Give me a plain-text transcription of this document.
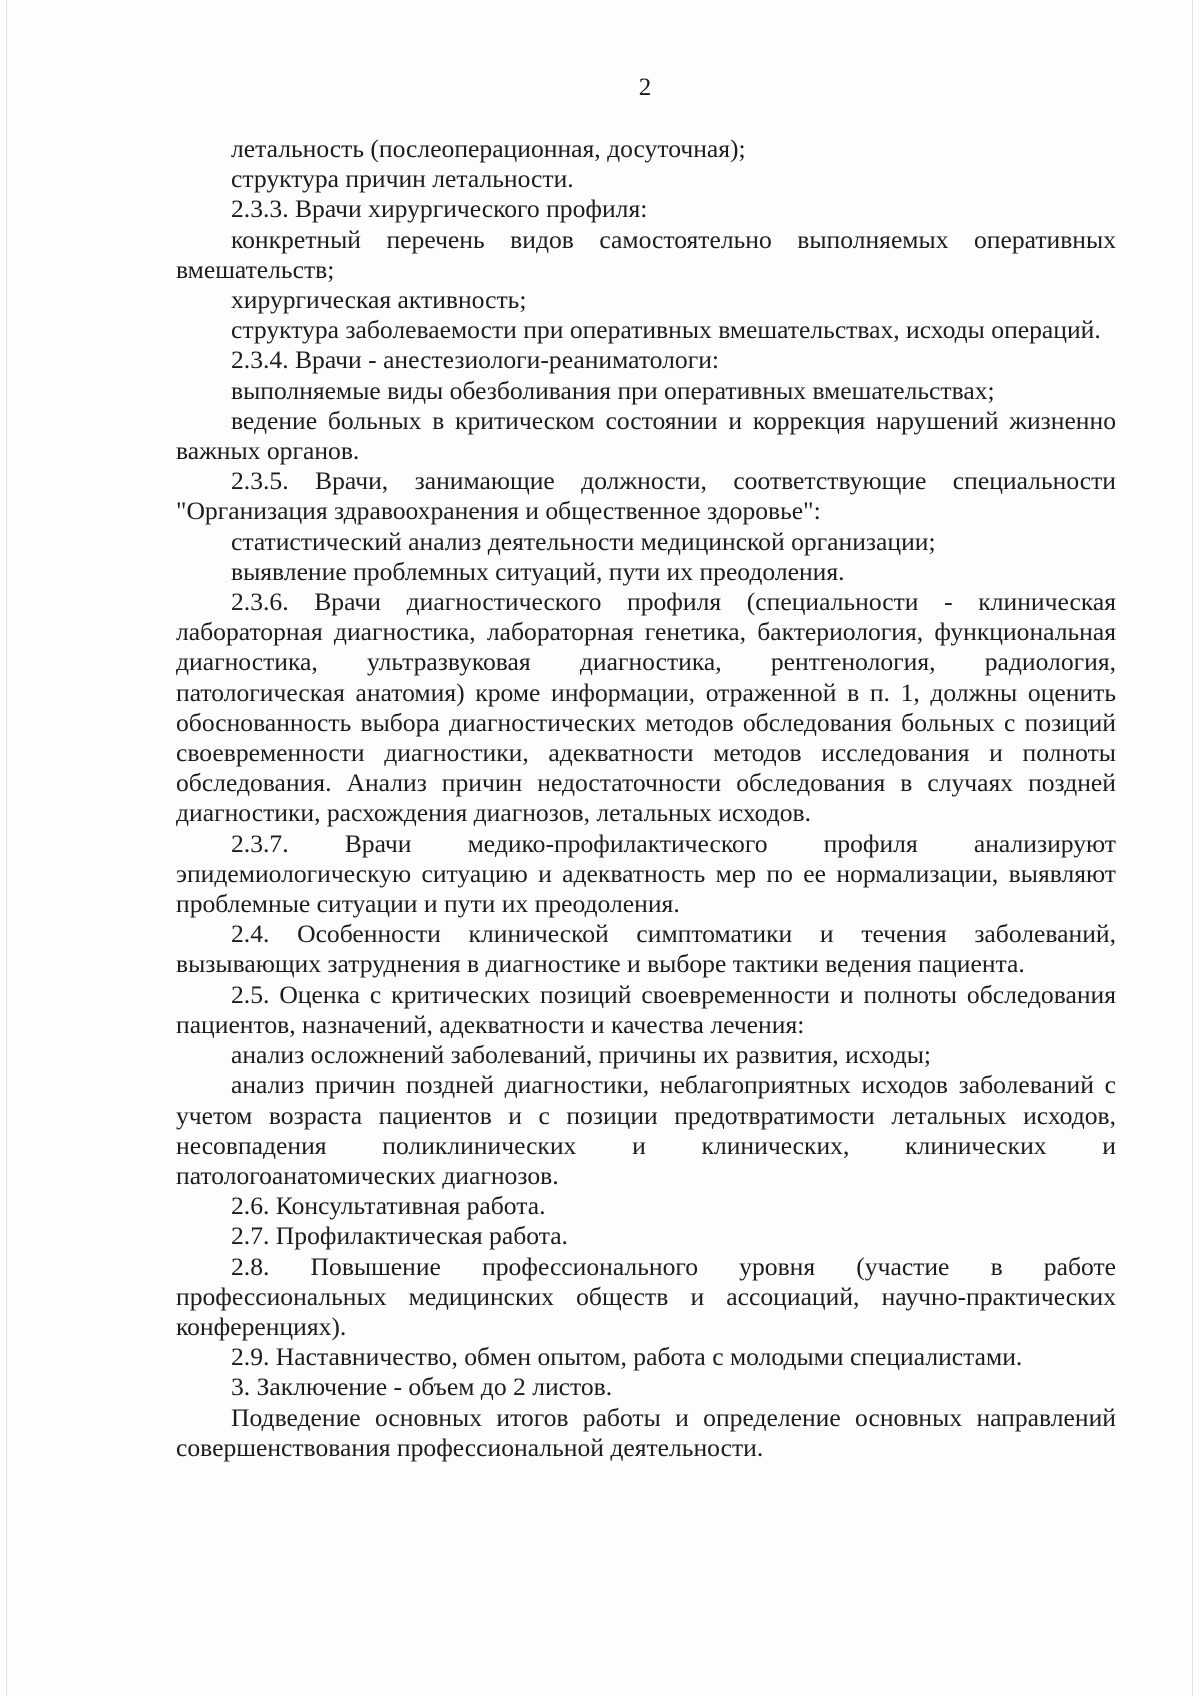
2

летальность (послеоперационная, досуточная);

структура причин летальности.

2.3.3. Врачи хирургического профиля:

конкретный перечень видов самостоятельно выполняемых оперативных вмешательств;

хирургическая активность;

структура заболеваемости при оперативных вмешательствах, исходы операций.

2.3.4. Врачи - анестезиологи-реаниматологи:

выполняемые виды обезболивания при оперативных вмешательствах;

ведение больных в критическом состоянии и коррекция нарушений жизненно важных органов.

2.3.5. Врачи, занимающие должности, соответствующие специальности "Организация здравоохранения и общественное здоровье":

статистический анализ деятельности медицинской организации;

выявление проблемных ситуаций, пути их преодоления.

2.3.6. Врачи диагностического профиля (специальности - клиническая лабораторная диагностика, лабораторная генетика, бактериология, функциональная диагностика, ультразвуковая диагностика, рентгенология, радиология, патологическая анатомия) кроме информации, отраженной в п. 1, должны оценить обоснованность выбора диагностических методов обследования больных с позиций своевременности диагностики, адекватности методов исследования и полноты обследования. Анализ причин недостаточности обследования в случаях поздней диагностики, расхождения диагнозов, летальных исходов.

2.3.7. Врачи медико-профилактического профиля анализируют эпидемиологическую ситуацию и адекватность мер по ее нормализации, выявляют проблемные ситуации и пути их преодоления.

2.4. Особенности клинической симптоматики и течения заболеваний, вызывающих затруднения в диагностике и выборе тактики ведения пациента.

2.5. Оценка с критических позиций своевременности и полноты обследования пациентов, назначений, адекватности и качества лечения:

анализ осложнений заболеваний, причины их развития, исходы;

анализ причин поздней диагностики, неблагоприятных исходов заболеваний с учетом возраста пациентов и с позиции предотвратимости летальных исходов, несовпадения поликлинических и клинических, клинических и патологоанатомических диагнозов.

2.6. Консультативная работа.

2.7. Профилактическая работа.

2.8. Повышение профессионального уровня (участие в работе профессиональных медицинских обществ и ассоциаций, научно-практических конференциях).

2.9. Наставничество, обмен опытом, работа с молодыми специалистами.

3. Заключение - объем до 2 листов.

Подведение основных итогов работы и определение основных направлений совершенствования профессиональной деятельности.
